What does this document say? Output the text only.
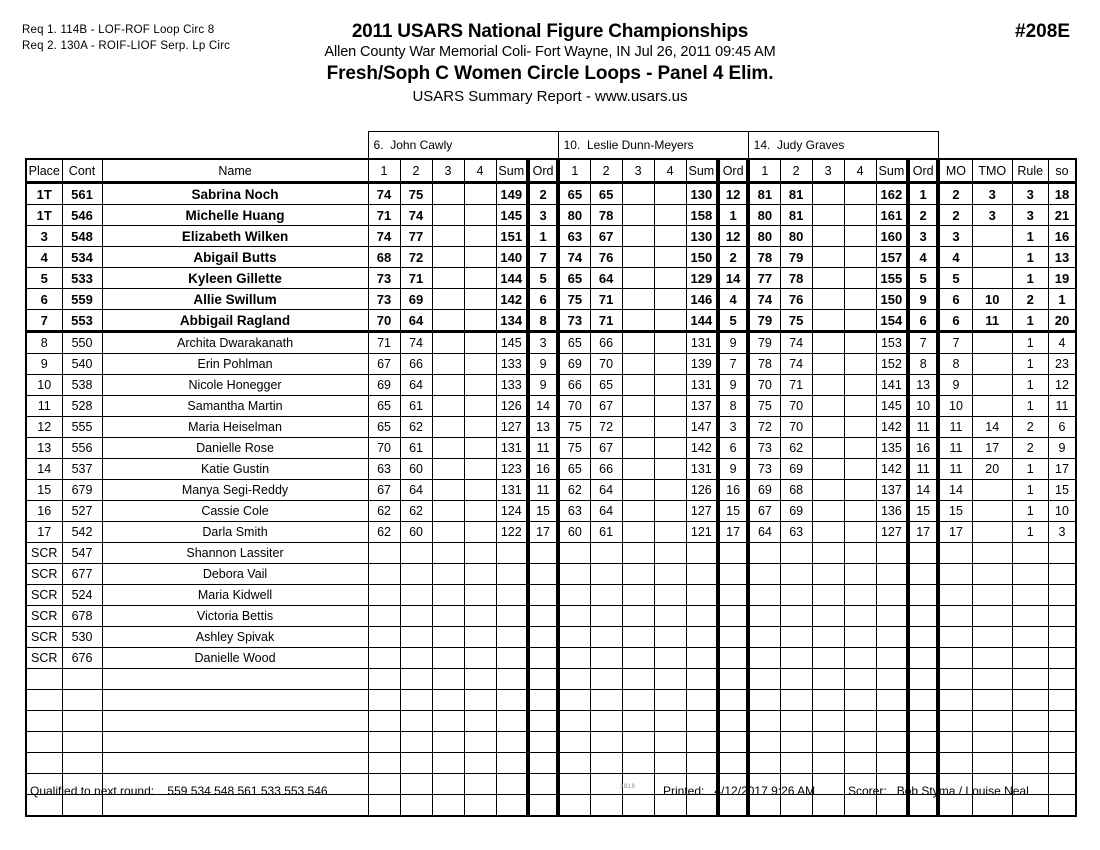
Req 1. 114B - LOF-ROF Loop Circ 8
Req 2. 130A - ROIF-LIOF Serp. Lp Circ
2011 USARS National Figure Championships
Allen County War Memorial Coli- Fort Wayne, IN Jul 26, 2011 09:45 AM
Fresh/Soph C Women Circle Loops - Panel 4 Elim.
USARS Summary Report - www.usars.us
#208E
			6. John Cawly						10. Leslie Dunn-Meyers						14. Judy Graves									
Place	Cont	Name	1	2	3	4	Sum	Ord	1	2	3	4	Sum	Ord	1	2	3	4	Sum	Ord	MO	TMO	Rule	so
1T	561	Sabrina Noch	74	75			149	2	65	65			130	12	81	81			162	1	2	3	3	18
1T	546	Michelle Huang	71	74			145	3	80	78			158	1	80	81			161	2	2	3	3	21
3	548	Elizabeth Wilken	74	77			151	1	63	67			130	12	80	80			160	3	3		1	16
4	534	Abigail Butts	68	72			140	7	74	76			150	2	78	79			157	4	4		1	13
5	533	Kyleen Gillette	73	71			144	5	65	64			129	14	77	78			155	5	5		1	19
6	559	Allie Swillum	73	69			142	6	75	71			146	4	74	76			150	9	6	10	2	1
7	553	Abbigail Ragland	70	64			134	8	73	71			144	5	79	75			154	6	6	11	1	20
8	550	Archita Dwarakanath	71	74			145	3	65	66			131	9	79	74			153	7	7		1	4
9	540	Erin Pohlman	67	66			133	9	69	70			139	7	78	74			152	8	8		1	23
10	538	Nicole Honegger	69	64			133	9	66	65			131	9	70	71			141	13	9		1	12
11	528	Samantha Martin	65	61			126	14	70	67			137	8	75	70			145	10	10		1	11
12	555	Maria Heiselman	65	62			127	13	75	72			147	3	72	70			142	11	11	14	2	6
13	556	Danielle Rose	70	61			131	11	75	67			142	6	73	62			135	16	11	17	2	9
14	537	Katie Gustin	63	60			123	16	65	66			131	9	73	69			142	11	11	20	1	17
15	679	Manya Segi-Reddy	67	64			131	11	62	64			126	16	69	68			137	14	14		1	15
16	527	Cassie Cole	62	62			124	15	63	64			127	15	67	69			136	15	15		1	10
17	542	Darla Smith	62	60			122	17	60	61			121	17	64	63			127	17	17		1	3
SCR	547	Shannon Lassiter																						
SCR	677	Debora Vail																						
SCR	524	Maria Kidwell																						
SCR	678	Victoria Bettis																						
SCR	530	Ashley Spivak																						
SCR	676	Danielle Wood																						

Qualified to next round: 559 534 548 561 533 553 546	3818 Printed: 4/12/2017 9:26 AM	Scorer: Bob Styma / Louise Neal
